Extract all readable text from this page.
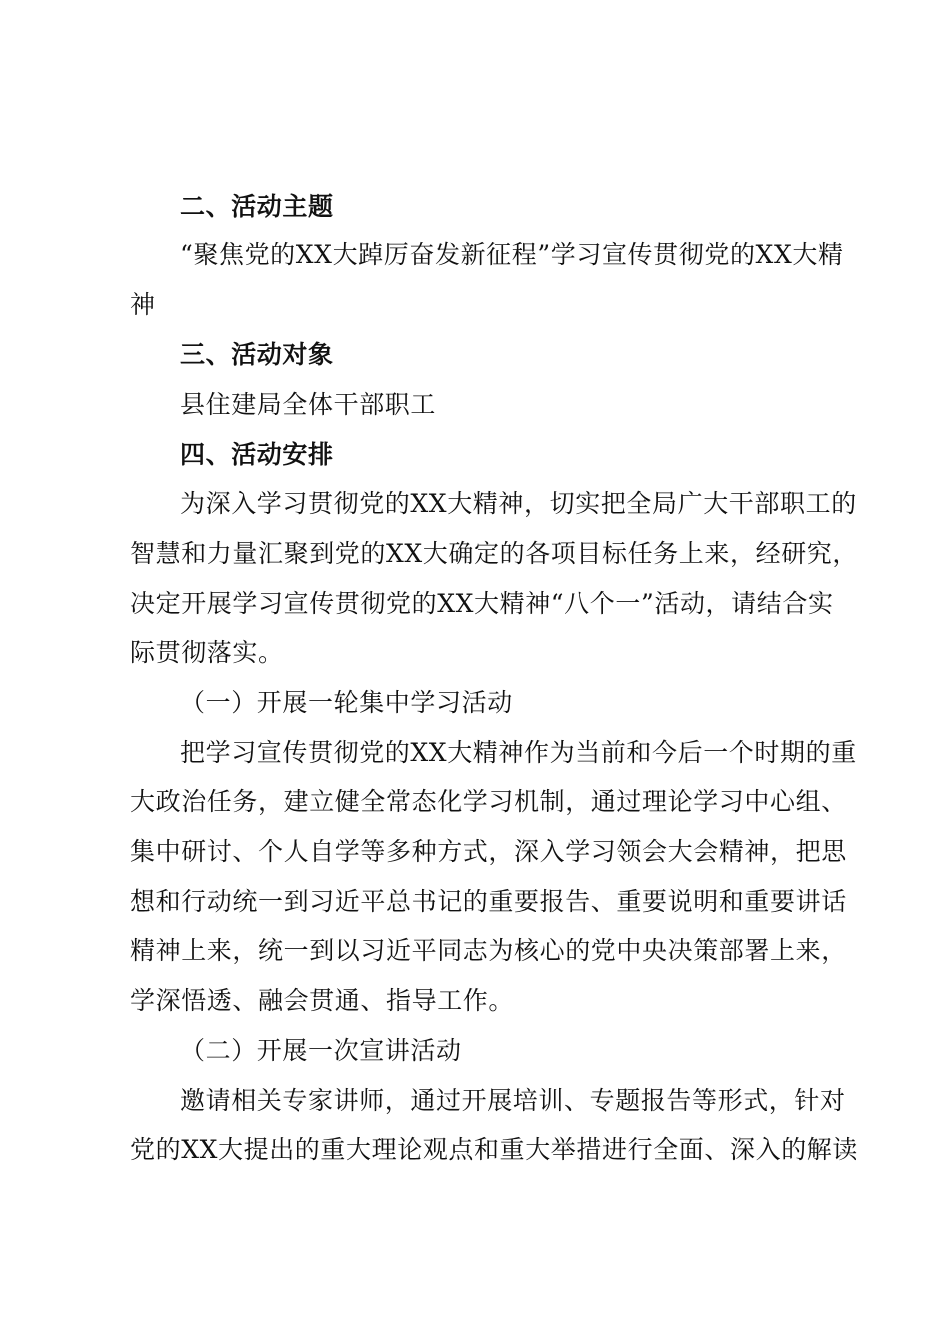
二、活动主题
“聚焦党的XX大踔厉奋发新征程”学习宣传贯彻党的XX大精
神
三、活动对象
县住建局全体干部职工
四、活动安排
为深入学习贯彻党的XX大精神，切实把全局广大干部职工的
智慧和力量汇聚到党的XX大确定的各项目标任务上来，经研究，
决定开展学习宣传贯彻党的XX大精神“八个一”活动，请结合实
际贯彻落实。
（一）开展一轮集中学习活动
把学习宣传贯彻党的XX大精神作为当前和今后一个时期的重
大政治任务，建立健全常态化学习机制，通过理论学习中心组、
集中研讨、个人自学等多种方式，深入学习领会大会精神，把思
想和行动统一到习近平总书记的重要报告、重要说明和重要讲话
精神上来，统一到以习近平同志为核心的党中央决策部署上来，
学深悟透、融会贯通、指导工作。
（二）开展一次宣讲活动
邀请相关专家讲师，通过开展培训、专题报告等形式，针对
党的XX大提出的重大理论观点和重大举措进行全面、深入的解读
